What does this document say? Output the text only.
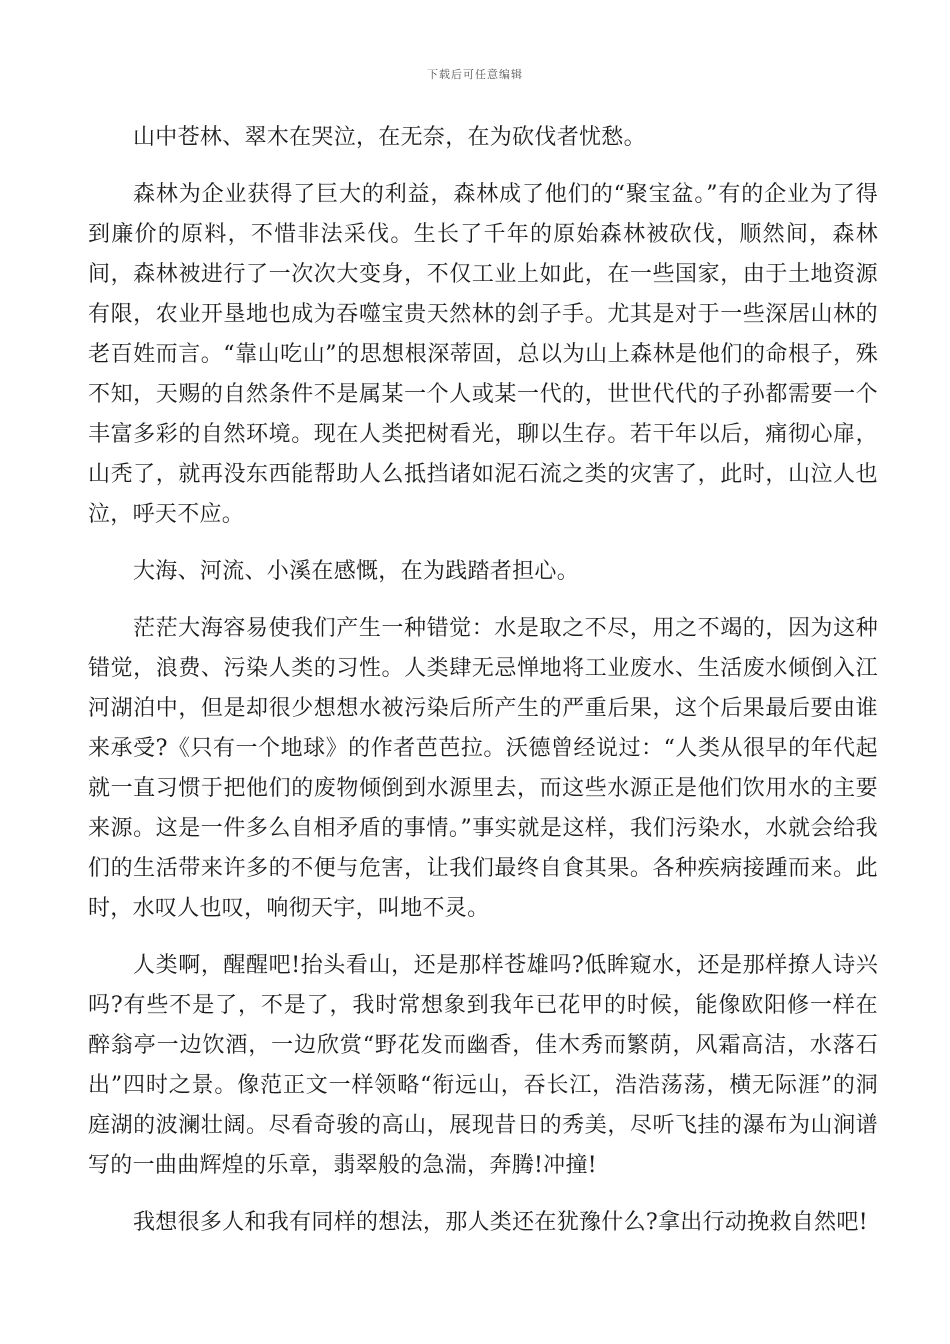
下载后可任意编辑

山中苍林、翠木在哭泣，在无奈，在为砍伐者忧愁。

森林为企业获得了巨大的利益，森林成了他们的“聚宝盆。”有的企业为了得到廉价的原料，不惜非法采伐。生长了千年的原始森林被砍伐，顺然间，森林间，森林被进行了一次次大变身，不仅工业上如此，在一些国家，由于土地资源有限，农业开垦地也成为吞噬宝贵天然林的刽子手。尤其是对于一些深居山林的老百姓而言。“靠山吃山”的思想根深蒂固，总以为山上森林是他们的命根子，殊不知，天赐的自然条件不是属某一个人或某一代的，世世代代的子孙都需要一个丰富多彩的自然环境。现在人类把树看光，聊以生存。若干年以后，痛彻心扉，山秃了，就再没东西能帮助人么抵挡诸如泥石流之类的灾害了，此时，山泣人也泣，呼天不应。

大海、河流、小溪在感慨，在为践踏者担心。

茫茫大海容易使我们产生一种错觉：水是取之不尽，用之不竭的，因为这种错觉，浪费、污染人类的习性。人类肆无忌惮地将工业废水、生活废水倾倒入江河湖泊中，但是却很少想想水被污染后所产生的严重后果，这个后果最后要由谁来承受?《只有一个地球》的作者芭芭拉。沃德曾经说过：“人类从很早的年代起就一直习惯于把他们的废物倾倒到水源里去，而这些水源正是他们饮用水的主要来源。这是一件多么自相矛盾的事情。”事实就是这样，我们污染水，水就会给我们的生活带来许多的不便与危害，让我们最终自食其果。各种疾病接踵而来。此时，水叹人也叹，响彻天宇，叫地不灵。

人类啊，醒醒吧!抬头看山，还是那样苍雄吗?低眸窥水，还是那样撩人诗兴吗?有些不是了，不是了，我时常想象到我年已花甲的时候，能像欧阳修一样在醉翁亭一边饮酒，一边欣赏“野花发而幽香，佳木秀而繁荫，风霜高洁，水落石出”四时之景。像范正文一样领略“衔远山，吞长江，浩浩荡荡，横无际涯”的洞庭湖的波澜壮阔。尽看奇骏的高山，展现昔日的秀美，尽听飞挂的瀑布为山涧谱写的一曲曲辉煌的乐章，翡翠般的急湍，奔腾!冲撞!

我想很多人和我有同样的想法，那人类还在犹豫什么?拿出行动挽救自然吧!
